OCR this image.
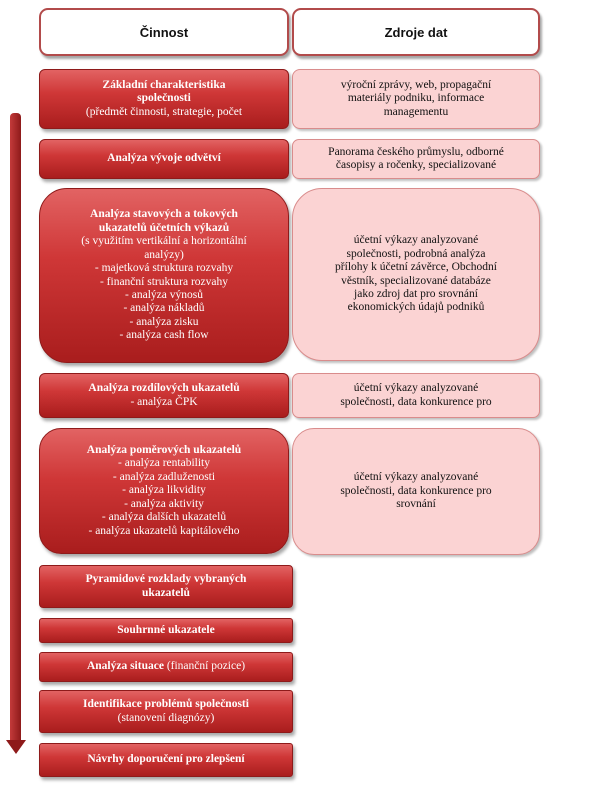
Činnost	Zdroje dat
Základní charakteristika
společnosti
(předmět činnosti, strategie, počet
Analýza vývoje odvětví
Analýza stavových a tokových
ukazatelů účetních výkazů
(s využitím vertikální a horizontální
analýzy)
- majetková struktura rozvahy
- finanční struktura rozvahy
- analýza výnosů
- analýza nákladů
- analýza zisku
- analýza cash flow
Analýza rozdílových ukazatelů
- analýza ČPK
Analýza poměrových ukazatelů
- analýza rentability
- analýza zadluženosti
- analýza likvidity
- analýza aktivity
- analýza dalších ukazatelů
- analýza ukazatelů kapitálového
Pyramidové rozklady vybraných
ukazatelů
Souhrnné ukazatele
Analýza situace (finanční pozice)
Identifikace problémů společnosti
(stanovení diagnózy)
Návrhy doporučení pro zlepšení
výroční zprávy, web, propagační
materiály podniku, informace
managementu
Panorama českého průmyslu, odborné
časopisy a ročenky, specializované
účetní výkazy analyzované
společnosti, podrobná analýza
přílohy k účetní závěrce, Obchodní
věstník, specializované databáze
jako zdroj dat pro srovnání
ekonomických údajů podniků
účetní výkazy analyzované
společnosti, data konkurence pro
účetní výkazy analyzované
společnosti, data konkurence pro
srovnání
